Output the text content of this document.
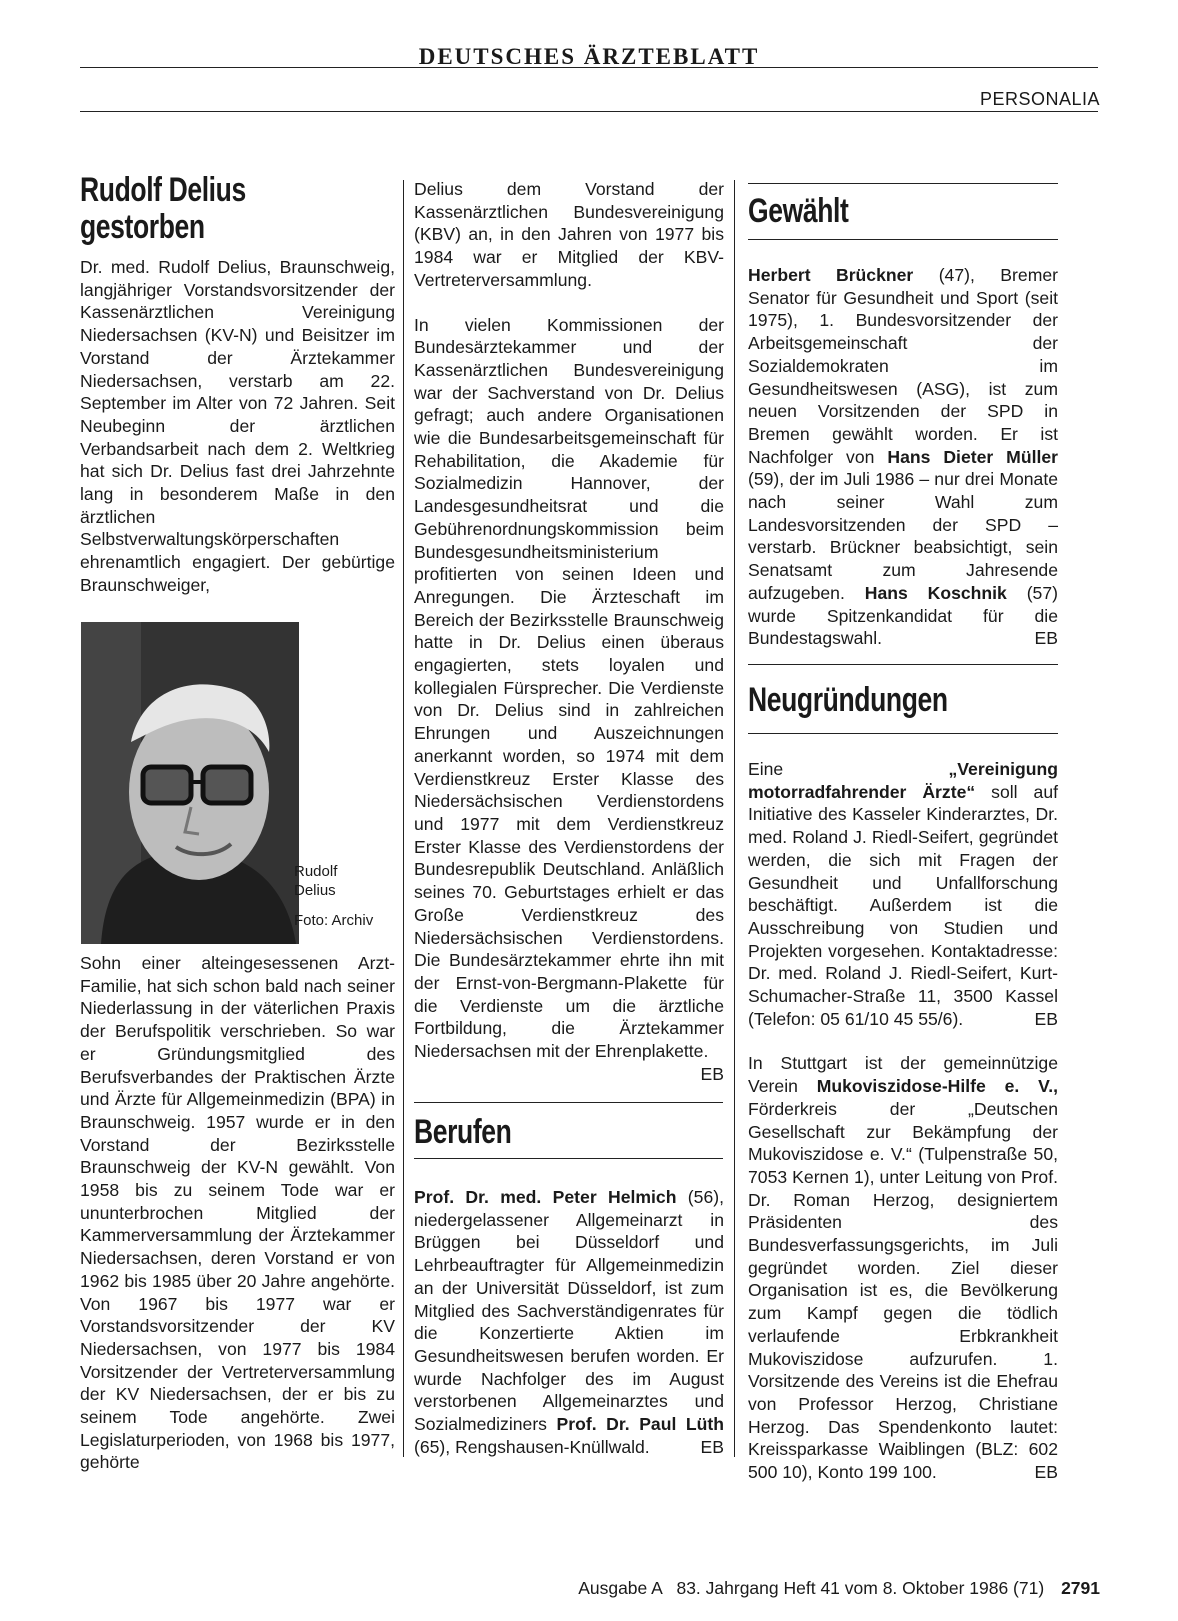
DEUTSCHES ÄRZTEBLATT
PERSONALIA
Rudolf Delius
gestorben

Dr. med. Rudolf Delius, Braunschweig, langjähriger Vorstandsvorsitzender der Kassenärztlichen Vereinigung Niedersachsen (KV-N) und Beisitzer im Vorstand der Ärztekammer Niedersachsen, verstarb am 22. September im Alter von 72 Jahren. Seit Neubeginn der ärztlichen Verbandsarbeit nach dem 2. Weltkrieg hat sich Dr. Delius fast drei Jahrzehnte lang in besonderem Maße in den ärztlichen Selbstverwaltungskörperschaften ehrenamtlich engagiert. Der gebürtige Braunschweiger,

Rudolf
Delius
Foto: Archiv

Sohn einer alteingesessenen Arzt-Familie, hat sich schon bald nach seiner Niederlassung in der väterlichen Praxis der Berufspolitik verschrieben. So war er Gründungsmitglied des Berufsverbandes der Praktischen Ärzte und Ärzte für Allgemeinmedizin (BPA) in Braunschweig. 1957 wurde er in den Vorstand der Bezirksstelle Braunschweig der KV-N gewählt. Von 1958 bis zu seinem Tode war er ununterbrochen Mitglied der Kammerversammlung der Ärztekammer Niedersachsen, deren Vorstand er von 1962 bis 1985 über 20 Jahre angehörte. Von 1967 bis 1977 war er Vorstandsvorsitzender der KV Niedersachsen, von 1977 bis 1984 Vorsitzender der Vertreterversammlung der KV Niedersachsen, der er bis zu seinem Tode angehörte. Zwei Legislaturperioden, von 1968 bis 1977, gehörte

Delius dem Vorstand der Kassenärztlichen Bundesvereinigung (KBV) an, in den Jahren von 1977 bis 1984 war er Mitglied der KBV-Vertreterversammlung.

In vielen Kommissionen der Bundesärztekammer und der Kassenärztlichen Bundesvereinigung war der Sachverstand von Dr. Delius gefragt; auch andere Organisationen wie die Bundesarbeitsgemeinschaft für Rehabilitation, die Akademie für Sozialmedizin Hannover, der Landesgesundheitsrat und die Gebührenordnungskommission beim Bundesgesundheitsministerium profitierten von seinen Ideen und Anregungen. Die Ärzteschaft im Bereich der Bezirksstelle Braunschweig hatte in Dr. Delius einen überaus engagierten, stets loyalen und kollegialen Fürsprecher. Die Verdienste von Dr. Delius sind in zahlreichen Ehrungen und Auszeichnungen anerkannt worden, so 1974 mit dem Verdienstkreuz Erster Klasse des Niedersächsischen Verdienstordens und 1977 mit dem Verdienstkreuz Erster Klasse des Verdienstordens der Bundesrepublik Deutschland. Anläßlich seines 70. Geburtstages erhielt er das Große Verdienstkreuz des Niedersächsischen Verdienstordens. Die Bundesärztekammer ehrte ihn mit der Ernst-von-Bergmann-Plakette für die Verdienste um die ärztliche Fortbildung, die Ärztekammer Niedersachsen mit der Ehrenplakette.
EB

Berufen

Prof. Dr. med. Peter Helmich (56), niedergelassener Allgemeinarzt in Brüggen bei Düsseldorf und Lehrbeauftragter für Allgemeinmedizin an der Universität Düsseldorf, ist zum Mitglied des Sachverständigenrates für die Konzertierte Aktien im Gesundheitswesen berufen worden. Er wurde Nachfolger des im August verstorbenen Allgemeinarztes und Sozialmediziners Prof. Dr. Paul Lüth (65), Rengshausen-Knüllwald.	EB

Gewählt

Herbert Brückner (47), Bremer Senator für Gesundheit und Sport (seit 1975), 1. Bundesvorsitzender der Arbeitsgemeinschaft der Sozialdemokraten im Gesundheitswesen (ASG), ist zum neuen Vorsitzenden der SPD in Bremen gewählt worden. Er ist Nachfolger von Hans Dieter Müller (59), der im Juli 1986 – nur drei Monate nach seiner Wahl zum Landesvorsitzenden der SPD – verstarb. Brückner beabsichtigt, sein Senatsamt zum Jahresende aufzugeben. Hans Koschnik (57) wurde Spitzenkandidat für die Bundestagswahl.	EB

Neugründungen

Eine „Vereinigung motorradfahrender Ärzte“ soll auf Initiative des Kasseler Kinderarztes, Dr. med. Roland J. Riedl-Seifert, gegründet werden, die sich mit Fragen der Gesundheit und Unfallforschung beschäftigt. Außerdem ist die Ausschreibung von Studien und Projekten vorgesehen. Kontaktadresse: Dr. med. Roland J. Riedl-Seifert, Kurt-Schumacher-Straße 11, 3500 Kassel (Telefon: 05 61/10 45 55/6).	EB

In Stuttgart ist der gemeinnützige Verein Mukoviszidose-Hilfe e. V., Förderkreis der „Deutschen Gesellschaft zur Bekämpfung der Mukoviszidose e. V.“ (Tulpenstraße 50, 7053 Kernen 1), unter Leitung von Prof. Dr. Roman Herzog, designiertem Präsidenten des Bundesverfassungsgerichts, im Juli gegründet worden. Ziel dieser Organisation ist es, die Bevölkerung zum Kampf gegen die tödlich verlaufende Erbkrankheit Mukoviszidose aufzurufen. 1. Vorsitzende des Vereins ist die Ehefrau von Professor Herzog, Christiane Herzog. Das Spendenkonto lautet: Kreissparkasse Waiblingen (BLZ: 602 500 10), Konto 199 100.	EB

Ausgabe A   83. Jahrgang Heft 41 vom 8. Oktober 1986 (71) 2791
